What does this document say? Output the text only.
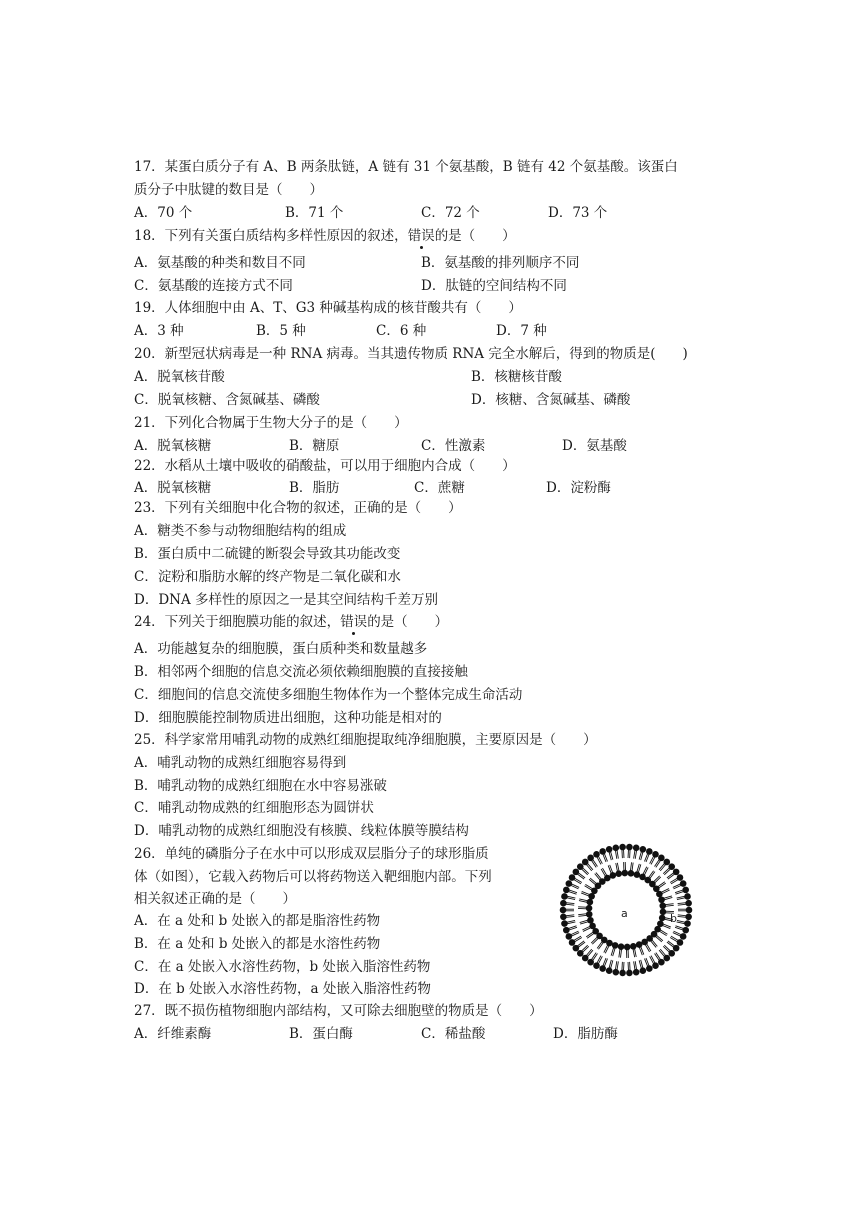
17．某蛋白质分子有 A、B 两条肽链，A 链有 31 个氨基酸，B 链有 42 个氨基酸。该蛋白
质分子中肽键的数目是（　　）
A．70 个	B．71 个	C．72 个	D．73 个
18．下列有关蛋白质结构多样性原因的叙述，错误的是（　　）
A．氨基酸的种类和数目不同	B．氨基酸的排列顺序不同
C．氨基酸的连接方式不同	D．肽链的空间结构不同
19．人体细胞中由 A、T、G3 种碱基构成的核苷酸共有（　　）
A．3 种	B．5 种	C．6 种	D．7 种
20．新型冠状病毒是一种 RNA 病毒。当其遗传物质 RNA 完全水解后，得到的物质是(　　)
A．脱氧核苷酸	B．核糖核苷酸
C．脱氧核糖、含氮碱基、磷酸	D．核糖、含氮碱基、磷酸
21．下列化合物属于生物大分子的是（　　）
A．脱氧核糖	B．糖原	C．性激素	D．氨基酸
22．水稻从土壤中吸收的硝酸盐，可以用于细胞内合成（　　）
A．脱氧核糖	B．脂肪	C．蔗糖	D．淀粉酶
23．下列有关细胞中化合物的叙述，正确的是（　　）
A．糖类不参与动物细胞结构的组成
B．蛋白质中二硫键的断裂会导致其功能改变
C．淀粉和脂肪水解的终产物是二氧化碳和水
D．DNA 多样性的原因之一是其空间结构千差万别
24．下列关于细胞膜功能的叙述，错误的是（　　）
A．功能越复杂的细胞膜，蛋白质种类和数量越多
B．相邻两个细胞的信息交流必须依赖细胞膜的直接接触
C．细胞间的信息交流使多细胞生物体作为一个整体完成生命活动
D．细胞膜能控制物质进出细胞，这种功能是相对的
25．科学家常用哺乳动物的成熟红细胞提取纯净细胞膜，主要原因是（　　）
A．哺乳动物的成熟红细胞容易得到
B．哺乳动物的成熟红细胞在水中容易涨破
C．哺乳动物成熟的红细胞形态为圆饼状
D．哺乳动物的成熟红细胞没有核膜、线粒体膜等膜结构
26．单纯的磷脂分子在水中可以形成双层脂分子的球形脂质
体（如图），它载入药物后可以将药物送入靶细胞内部。下列
相关叙述正确的是（　　）
A．在 a 处和 b 处嵌入的都是脂溶性药物
B．在 a 处和 b 处嵌入的都是水溶性药物
C．在 a 处嵌入水溶性药物，b 处嵌入脂溶性药物
D．在 b 处嵌入水溶性药物，a 处嵌入脂溶性药物
a	b
27．既不损伤植物细胞内部结构，又可除去细胞壁的物质是（　　）
A．纤维素酶	B．蛋白酶	C．稀盐酸	D．脂肪酶
